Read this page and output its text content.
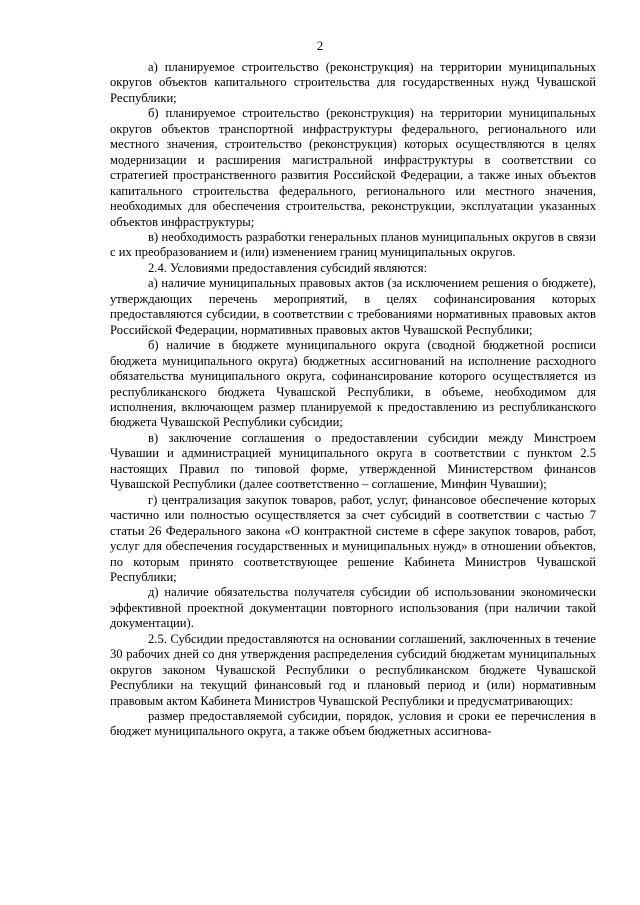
2

а) планируемое строительство (реконструкция) на территории муниципальных округов объектов капитального строительства для государственных нужд Чувашской Республики;

б) планируемое строительство (реконструкция) на территории муниципальных округов объектов транспортной инфраструктуры федерального, регионального или местного значения, строительство (реконструкция) которых осуществляются в целях модернизации и расширения магистральной инфраструктуры в соответствии со стратегией пространственного развития Российской Федерации, а также иных объектов капитального строительства федерального, регионального или местного значения, необходимых для обеспечения строительства, реконструкции, эксплуатации указанных объектов инфраструктуры;

в) необходимость разработки генеральных планов муниципальных округов в связи с их преобразованием и (или) изменением границ муниципальных округов.

2.4. Условиями предоставления субсидий являются:

а) наличие муниципальных правовых актов (за исключением решения о бюджете), утверждающих перечень мероприятий, в целях софинансирования которых предоставляются субсидии, в соответствии с требованиями нормативных правовых актов Российской Федерации, нормативных правовых актов Чувашской Республики;

б) наличие в бюджете муниципального округа (сводной бюджетной росписи бюджета муниципального округа) бюджетных ассигнований на исполнение расходного обязательства муниципального округа, софинансирование которого осуществляется из республиканского бюджета Чувашской Республики, в объеме, необходимом для исполнения, включающем размер планируемой к предоставлению из республиканского бюджета Чувашской Республики субсидии;

в) заключение соглашения о предоставлении субсидии между Минстроем Чувашии и администрацией муниципального округа в соответствии с пунктом 2.5 настоящих Правил по типовой форме, утвержденной Министерством финансов Чувашской Республики (далее соответственно – соглашение, Минфин Чувашии);

г) централизация закупок товаров, работ, услуг, финансовое обеспечение которых частично или полностью осуществляется за счет субсидий в соответствии с частью 7 статьи 26 Федерального закона «О контрактной системе в сфере закупок товаров, работ, услуг для обеспечения государственных и муниципальных нужд» в отношении объектов, по которым принято соответствующее решение Кабинета Министров Чувашской Республики;

д) наличие обязательства получателя субсидии об использовании экономически эффективной проектной документации повторного использования (при наличии такой документации).

2.5. Субсидии предоставляются на основании соглашений, заключенных в течение 30 рабочих дней со дня утверждения распределения субсидий бюджетам муниципальных округов законом Чувашской Республики о республиканском бюджете Чувашской Республики на текущий финансовый год и плановый период и (или) нормативным правовым актом Кабинета Министров Чувашской Республики и предусматривающих:

размер предоставляемой субсидии, порядок, условия и сроки ее перечисления в бюджет муниципального округа, а также объем бюджетных ассигнова-
